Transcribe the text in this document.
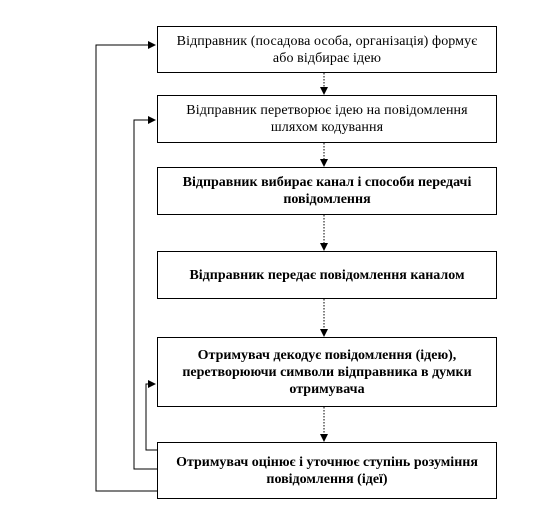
Відправник (посадова особа, організація) формує або відбирає ідею
Відправник перетворює ідею на повідомлення шляхом кодування
Відправник вибирає канал і способи передачі повідомлення
Відправник передає повідомлення каналом
Отримувач декодує повідомлення (ідею), перетворюючи символи відправника в думки отримувача
Отримувач оцінює і уточнює ступінь розуміння повідомлення (ідеї)
